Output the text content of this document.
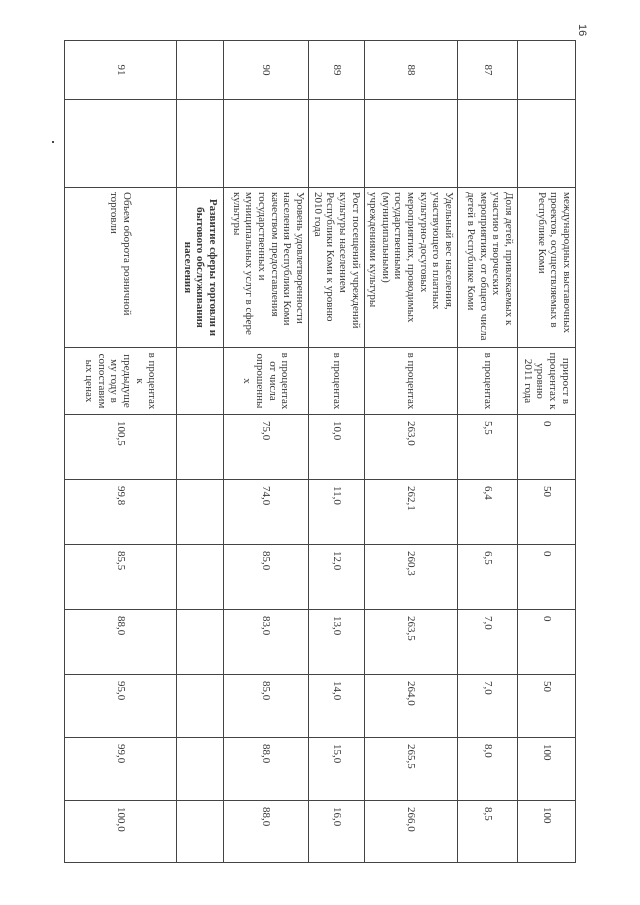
16
		международных выставочных проектов, осуществляемых в Республике Коми	прирост в процентах к уровню 2011 года	0	50	0	0	50	100	100	
87		Доля детей, привлекаемых к участию в творческих мероприятиях, от общего числа детей в Республике Коми	в процентах	5,5	6,4	6,5	7,0	7,0	8,0	8,5	
88		Удельный вес населения, участвующего в платных культурно-досуговых мероприятиях, проводимых государственными (муниципальными) учреждениями культуры	в процентах	263,0	262,1	260,3	263,5	264,0	265,5	266,0	
89		Рост посещений учреждений культуры населением Республики Коми к уровню 2010 года	в процентах	10,0	11,0	12,0	13,0	14,0	15,0	16,0	
90		Уровень удовлетворенности населения Республики Коми качеством предоставления государственных и муниципальных услуг в сфере культуры	в процентах от числа опрошенных	75,0	74,0	85,0	83,0	85,0	88,0	88,0	
		Развитие сферы торговли и бытового обслуживания населения									
91		Объем оборота розничной торговли	в процентах к предыдущему году в сопоставимых ценах	100,5	99,8	85,5	88,0	95,0	99,0	100,0	
